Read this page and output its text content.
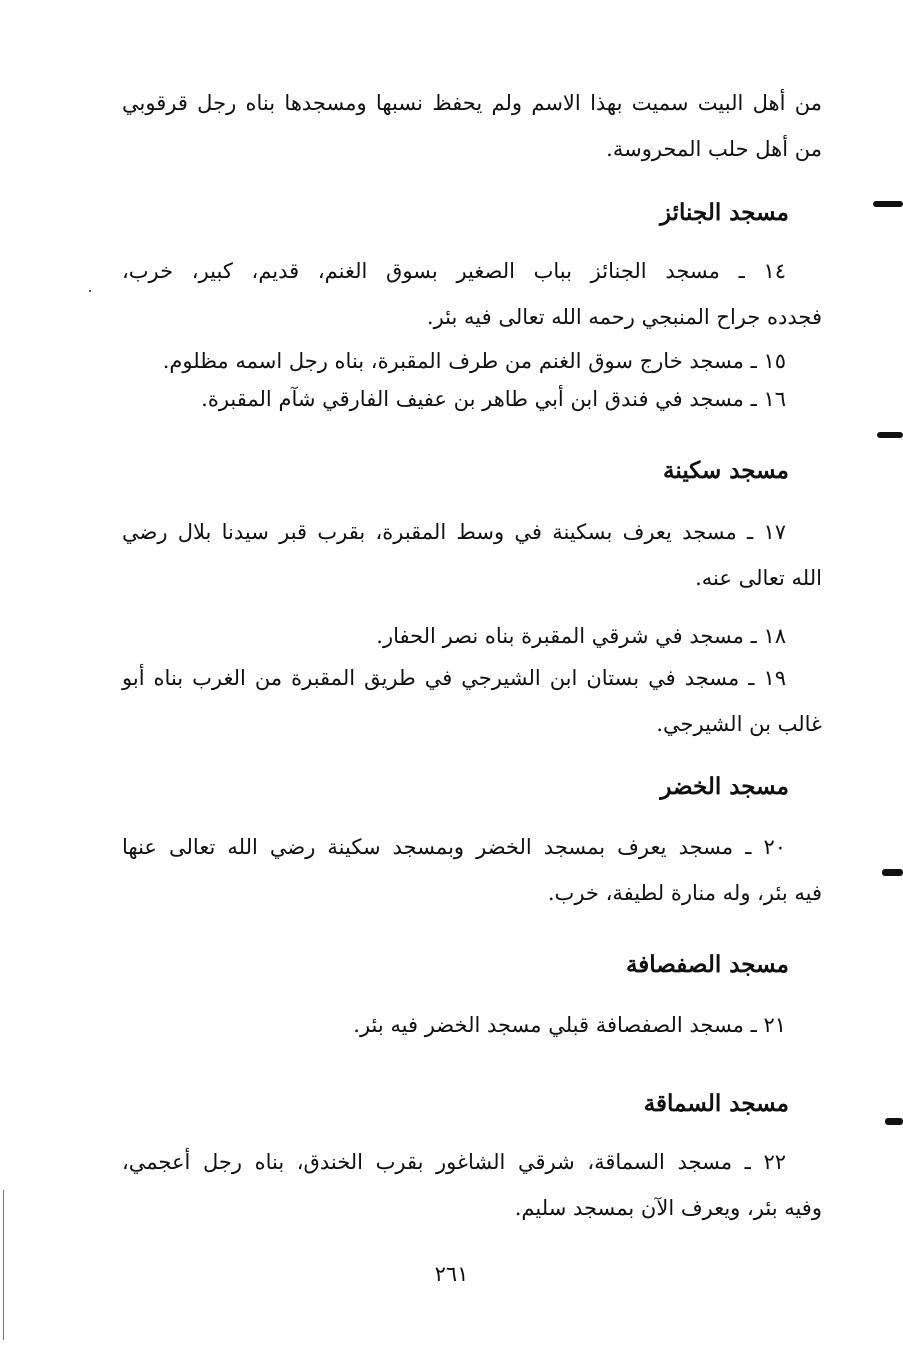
من أهل البيت سميت بهذا الاسم ولم يحفظ نسبها ومسجدها بناه رجل قرقوبي
من أهل حلب المحروسة.
مسجد الجنائز
١٤ ـ مسجد الجنائز بباب الصغير بسوق الغنم، قديم، كبير، خرب،
فجدده جراح المنبجي رحمه الله تعالى فيه بئر.
١٥ ـ مسجد خارج سوق الغنم من طرف المقبرة، بناه رجل اسمه مظلوم.
١٦ ـ مسجد في فندق ابن أبي طاهر بن عفيف الفارقي شآم المقبرة.
مسجد سكينة
١٧ ـ مسجد يعرف بسكينة في وسط المقبرة، بقرب قبر سيدنا بلال رضي
الله تعالى عنه.
١٨ ـ مسجد في شرقي المقبرة بناه نصر الحفار.
١٩ ـ مسجد في بستان ابن الشيرجي في طريق المقبرة من الغرب بناه أبو
غالب بن الشيرجي.
مسجد الخضر
٢٠ ـ مسجد يعرف بمسجد الخضر وبمسجد سكينة رضي الله تعالى عنها
فيه بئر، وله منارة لطيفة، خرب.
مسجد الصفصافة
٢١ ـ مسجد الصفصافة قبلي مسجد الخضر فيه بئر.
مسجد السماقة
٢٢ ـ مسجد السماقة، شرقي الشاغور بقرب الخندق، بناه رجل أعجمي،
وفيه بئر، ويعرف الآن بمسجد سليم.
٢٦١
